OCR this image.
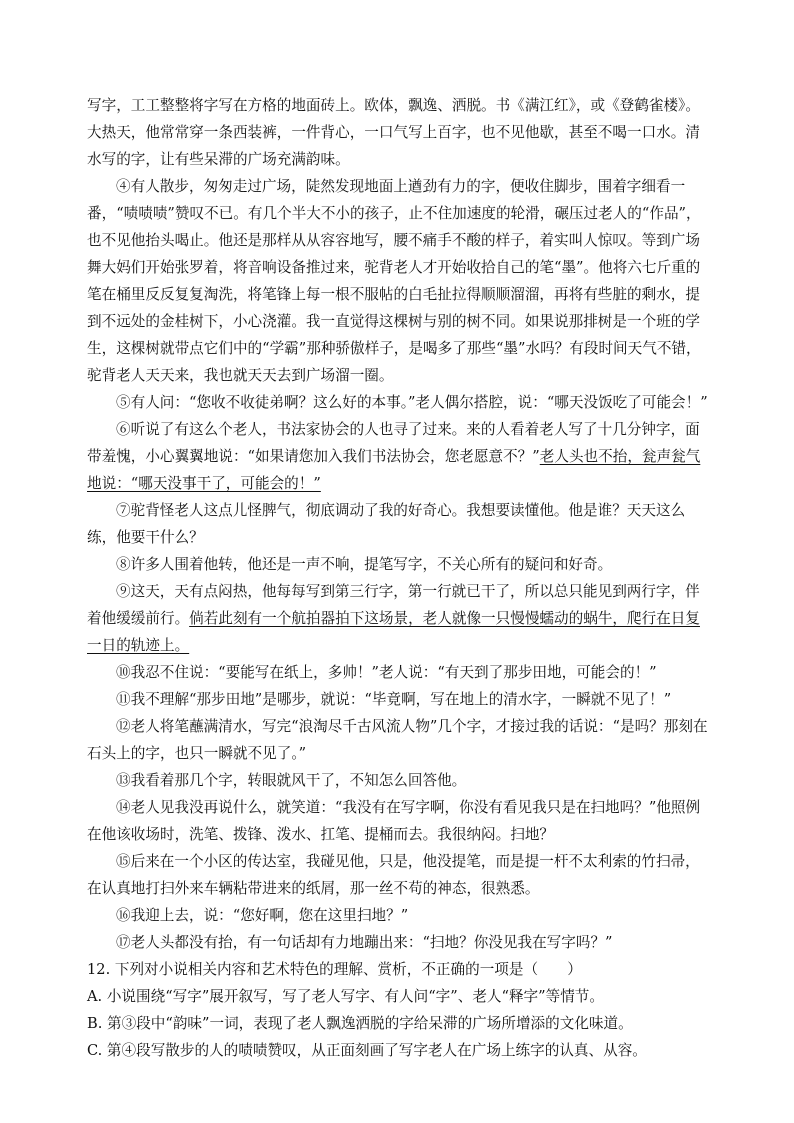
写字，工工整整将字写在方格的地面砖上。欧体，飘逸、洒脱。书《满江红》，或《登鹤雀楼》。大热天，他常常穿一条西装裤，一件背心，一口气写上百字，也不见他歇，甚至不喝一口水。清水写的字，让有些呆滞的广场充满韵味。

④有人散步，匆匆走过广场，陡然发现地面上遒劲有力的字，便收住脚步，围着字细看一番，“啧啧啧”赞叹不已。有几个半大不小的孩子，止不住加速度的轮滑，碾压过老人的“作品”，也不见他抬头喝止。他还是那样从从容容地写，腰不痛手不酸的样子，着实叫人惊叹。等到广场舞大妈们开始张罗着，将音响设备推过来，驼背老人才开始收拾自己的笔“墨”。他将六七斤重的笔在桶里反反复复淘洗，将笔锋上每一根不服帖的白毛扯拉得顺顺溜溜，再将有些脏的剩水，提到不远处的金桂树下，小心浇灌。我一直觉得这棵树与别的树不同。如果说那排树是一个班的学生，这棵树就带点它们中的“学霸”那种骄傲样子，是喝多了那些“墨”水吗？有段时间天气不错，驼背老人天天来，我也就天天去到广场溜一圈。

⑤有人问：“您收不收徒弟啊？这么好的本事。”老人偶尔搭腔，说：“哪天没饭吃了可能会！”

⑥听说了有这么个老人，书法家协会的人也寻了过来。来的人看着老人写了十几分钟字，面带羞愧，小心翼翼地说：“如果请您加入我们书法协会，您老愿意不？”老人头也不抬，瓮声瓮气地说：“哪天没事干了，可能会的！”

⑦驼背怪老人这点儿怪脾气，彻底调动了我的好奇心。我想要读懂他。他是谁？天天这么练，他要干什么？

⑧许多人围着他转，他还是一声不响，提笔写字，不关心所有的疑问和好奇。

⑨这天，天有点闷热，他每每写到第三行字，第一行就已干了，所以总只能见到两行字，伴着他缓缓前行。倘若此刻有一个航拍器拍下这场景，老人就像一只慢慢蠕动的蜗牛，爬行在日复一日的轨迹上。

⑩我忍不住说：“要能写在纸上，多帅！”老人说：“有天到了那步田地，可能会的！”

⑪我不理解“那步田地”是哪步，就说：“毕竟啊，写在地上的清水字，一瞬就不见了！”

⑫老人将笔蘸满清水，写完“浪淘尽千古风流人物”几个字，才接过我的话说：“是吗？那刻在石头上的字，也只一瞬就不见了。”

⑬我看着那几个字，转眼就风干了，不知怎么回答他。

⑭老人见我没再说什么，就笑道：“我没有在写字啊，你没有看见我只是在扫地吗？”他照例在他该收场时，洗笔、拨锋、泼水、扛笔、提桶而去。我很纳闷。扫地？

⑮后来在一个小区的传达室，我碰见他，只是，他没提笔，而是提一杆不太利索的竹扫帚，在认真地打扫外来车辆粘带进来的纸屑，那一丝不苟的神态，很熟悉。

⑯我迎上去，说：“您好啊，您在这里扫地？”

⑰老人头都没有抬，有一句话却有力地蹦出来：“扫地？你没见我在写字吗？”

12. 下列对小说相关内容和艺术特色的理解、赏析，不正确的一项是（　　）

A. 小说围绕“写字”展开叙写，写了老人写字、有人问“字”、老人“释字”等情节。

B. 第③段中“韵味”一词，表现了老人飘逸洒脱的字给呆滞的广场所增添的文化味道。

C. 第④段写散步的人的啧啧赞叹，从正面刻画了写字老人在广场上练字的认真、从容。
